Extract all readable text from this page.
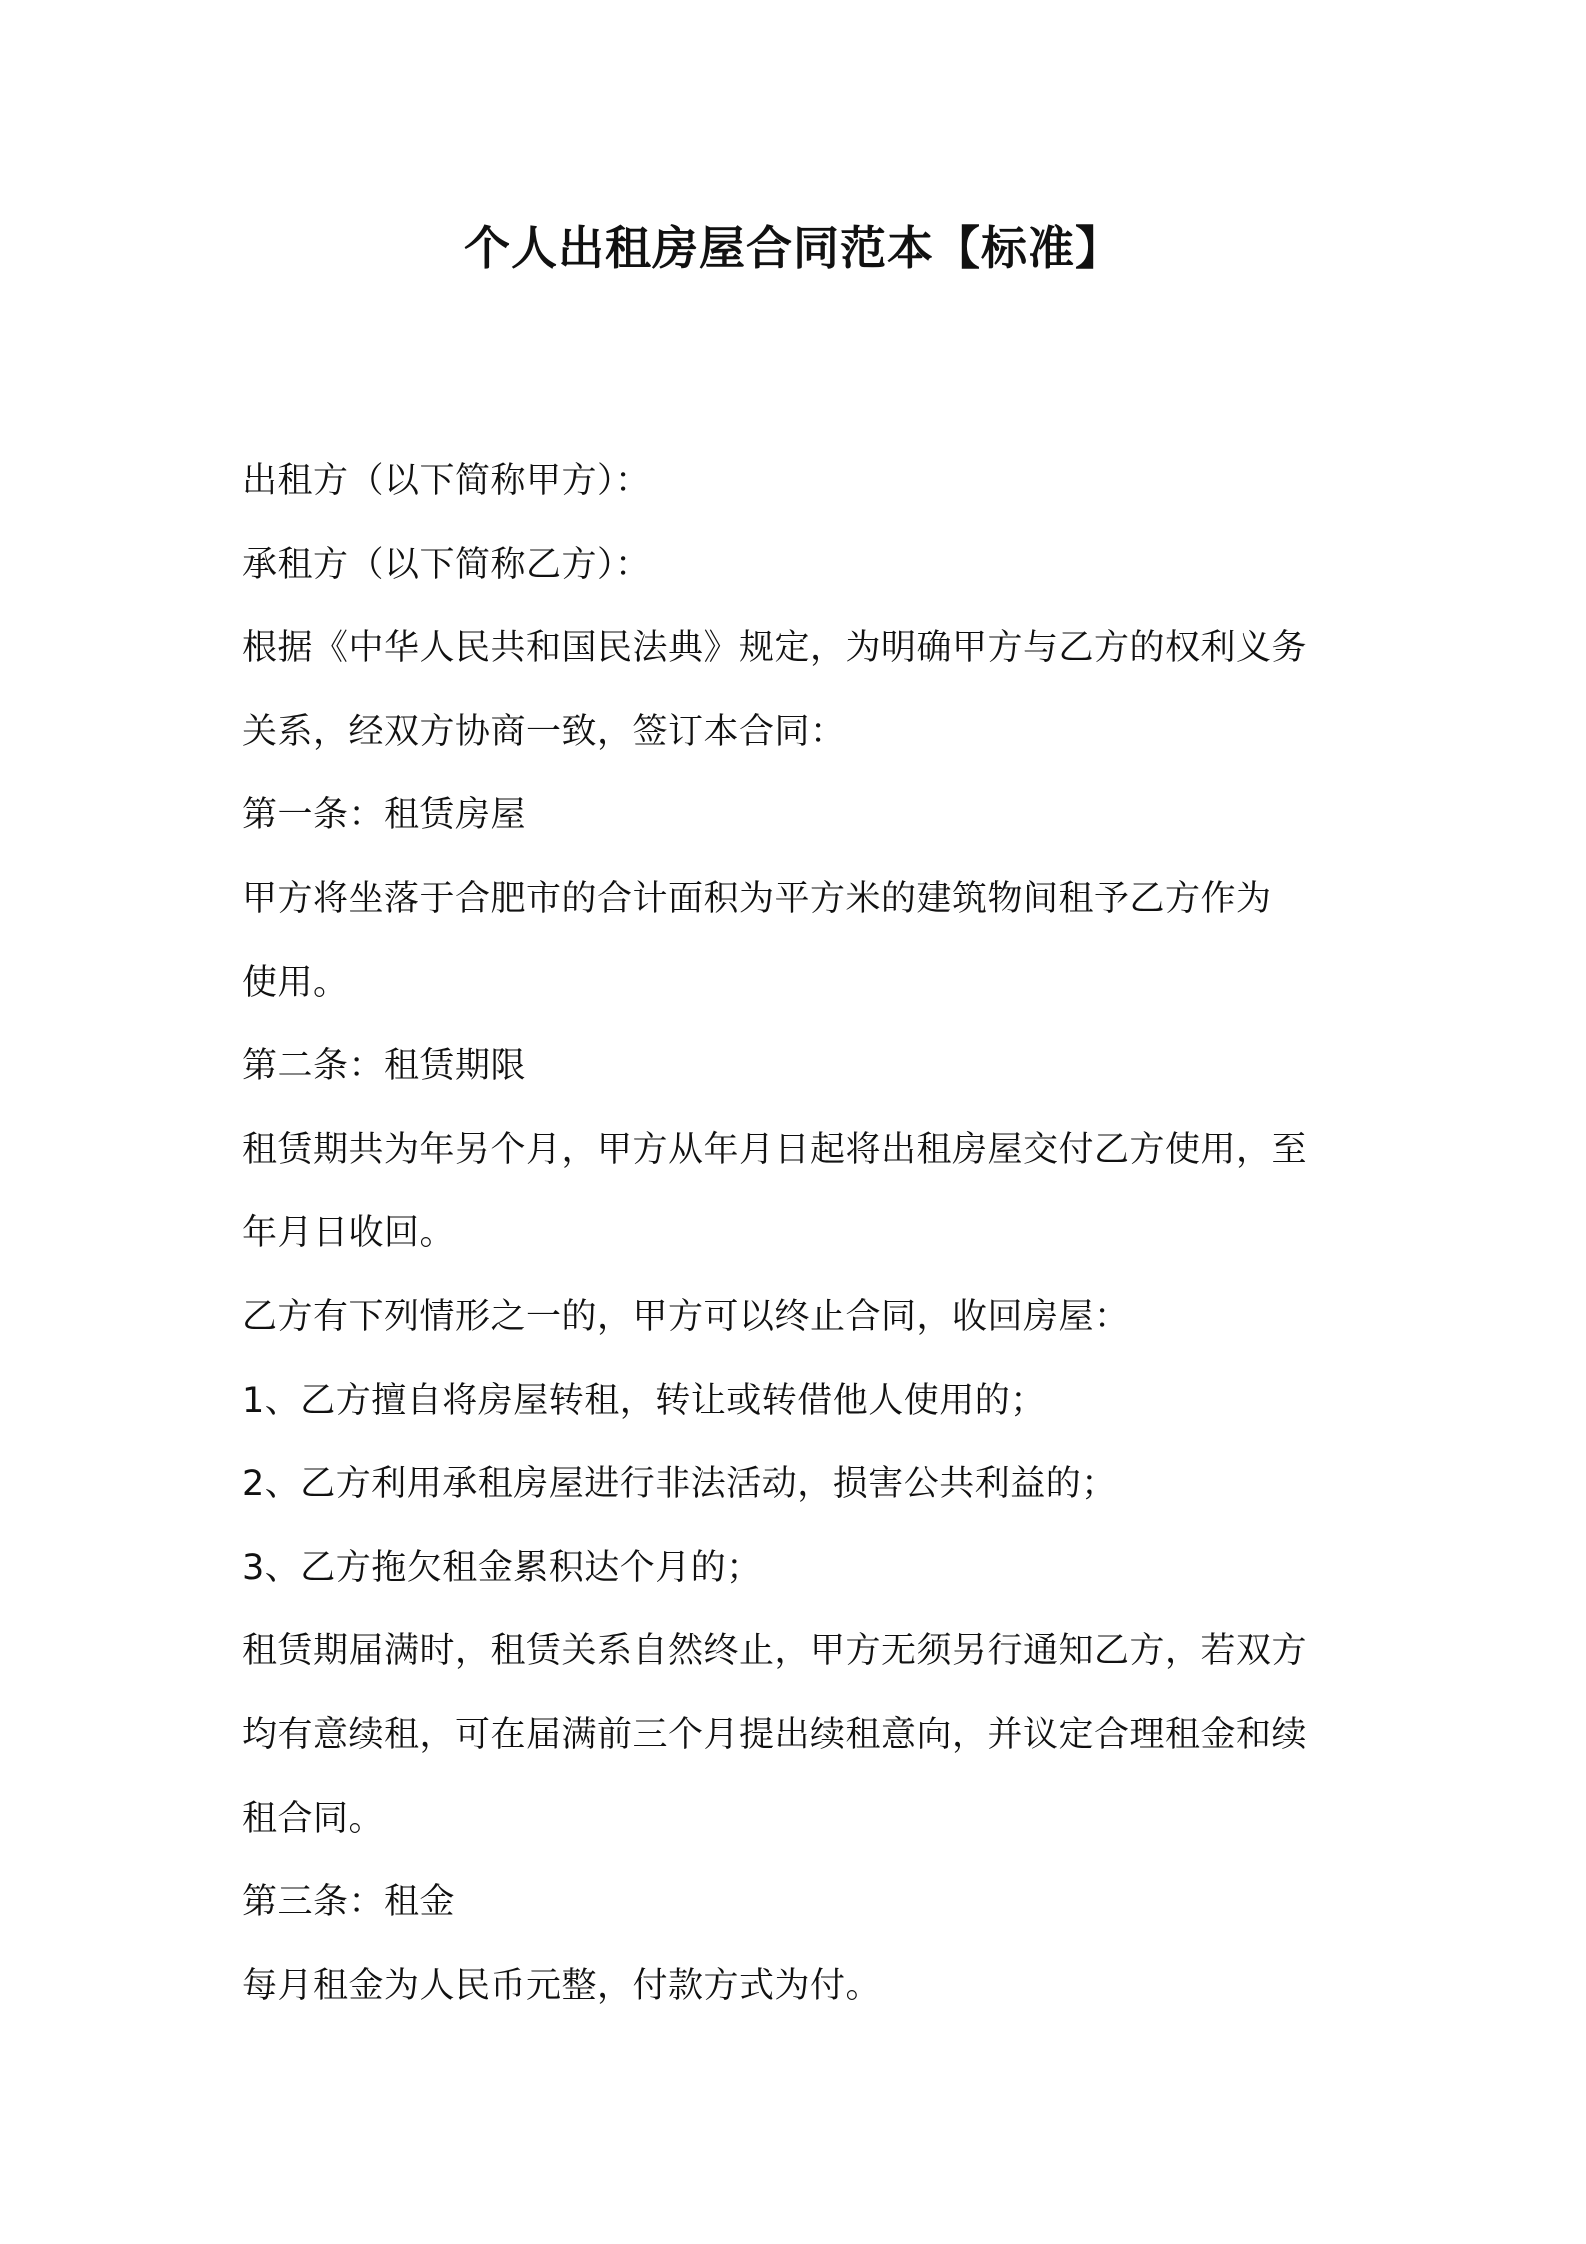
个人出租房屋合同范本【标准】

出租方（以下简称甲方）：

承租方（以下简称乙方）：

根据《中华人民共和国民法典》规定，为明确甲方与乙方的权利义务

关系，经双方协商一致，签订本合同：

第一条：租赁房屋

甲方将坐落于合肥市的合计面积为平方米的建筑物间租予乙方作为

使用。

第二条：租赁期限

租赁期共为年另个月，甲方从年月日起将出租房屋交付乙方使用，至

年月日收回。

乙方有下列情形之一的，甲方可以终止合同，收回房屋：

1、乙方擅自将房屋转租，转让或转借他人使用的；

2、乙方利用承租房屋进行非法活动，损害公共利益的；

3、乙方拖欠租金累积达个月的；

租赁期届满时，租赁关系自然终止，甲方无须另行通知乙方，若双方

均有意续租，可在届满前三个月提出续租意向，并议定合理租金和续

租合同。

第三条：租金

每月租金为人民币元整，付款方式为付。
